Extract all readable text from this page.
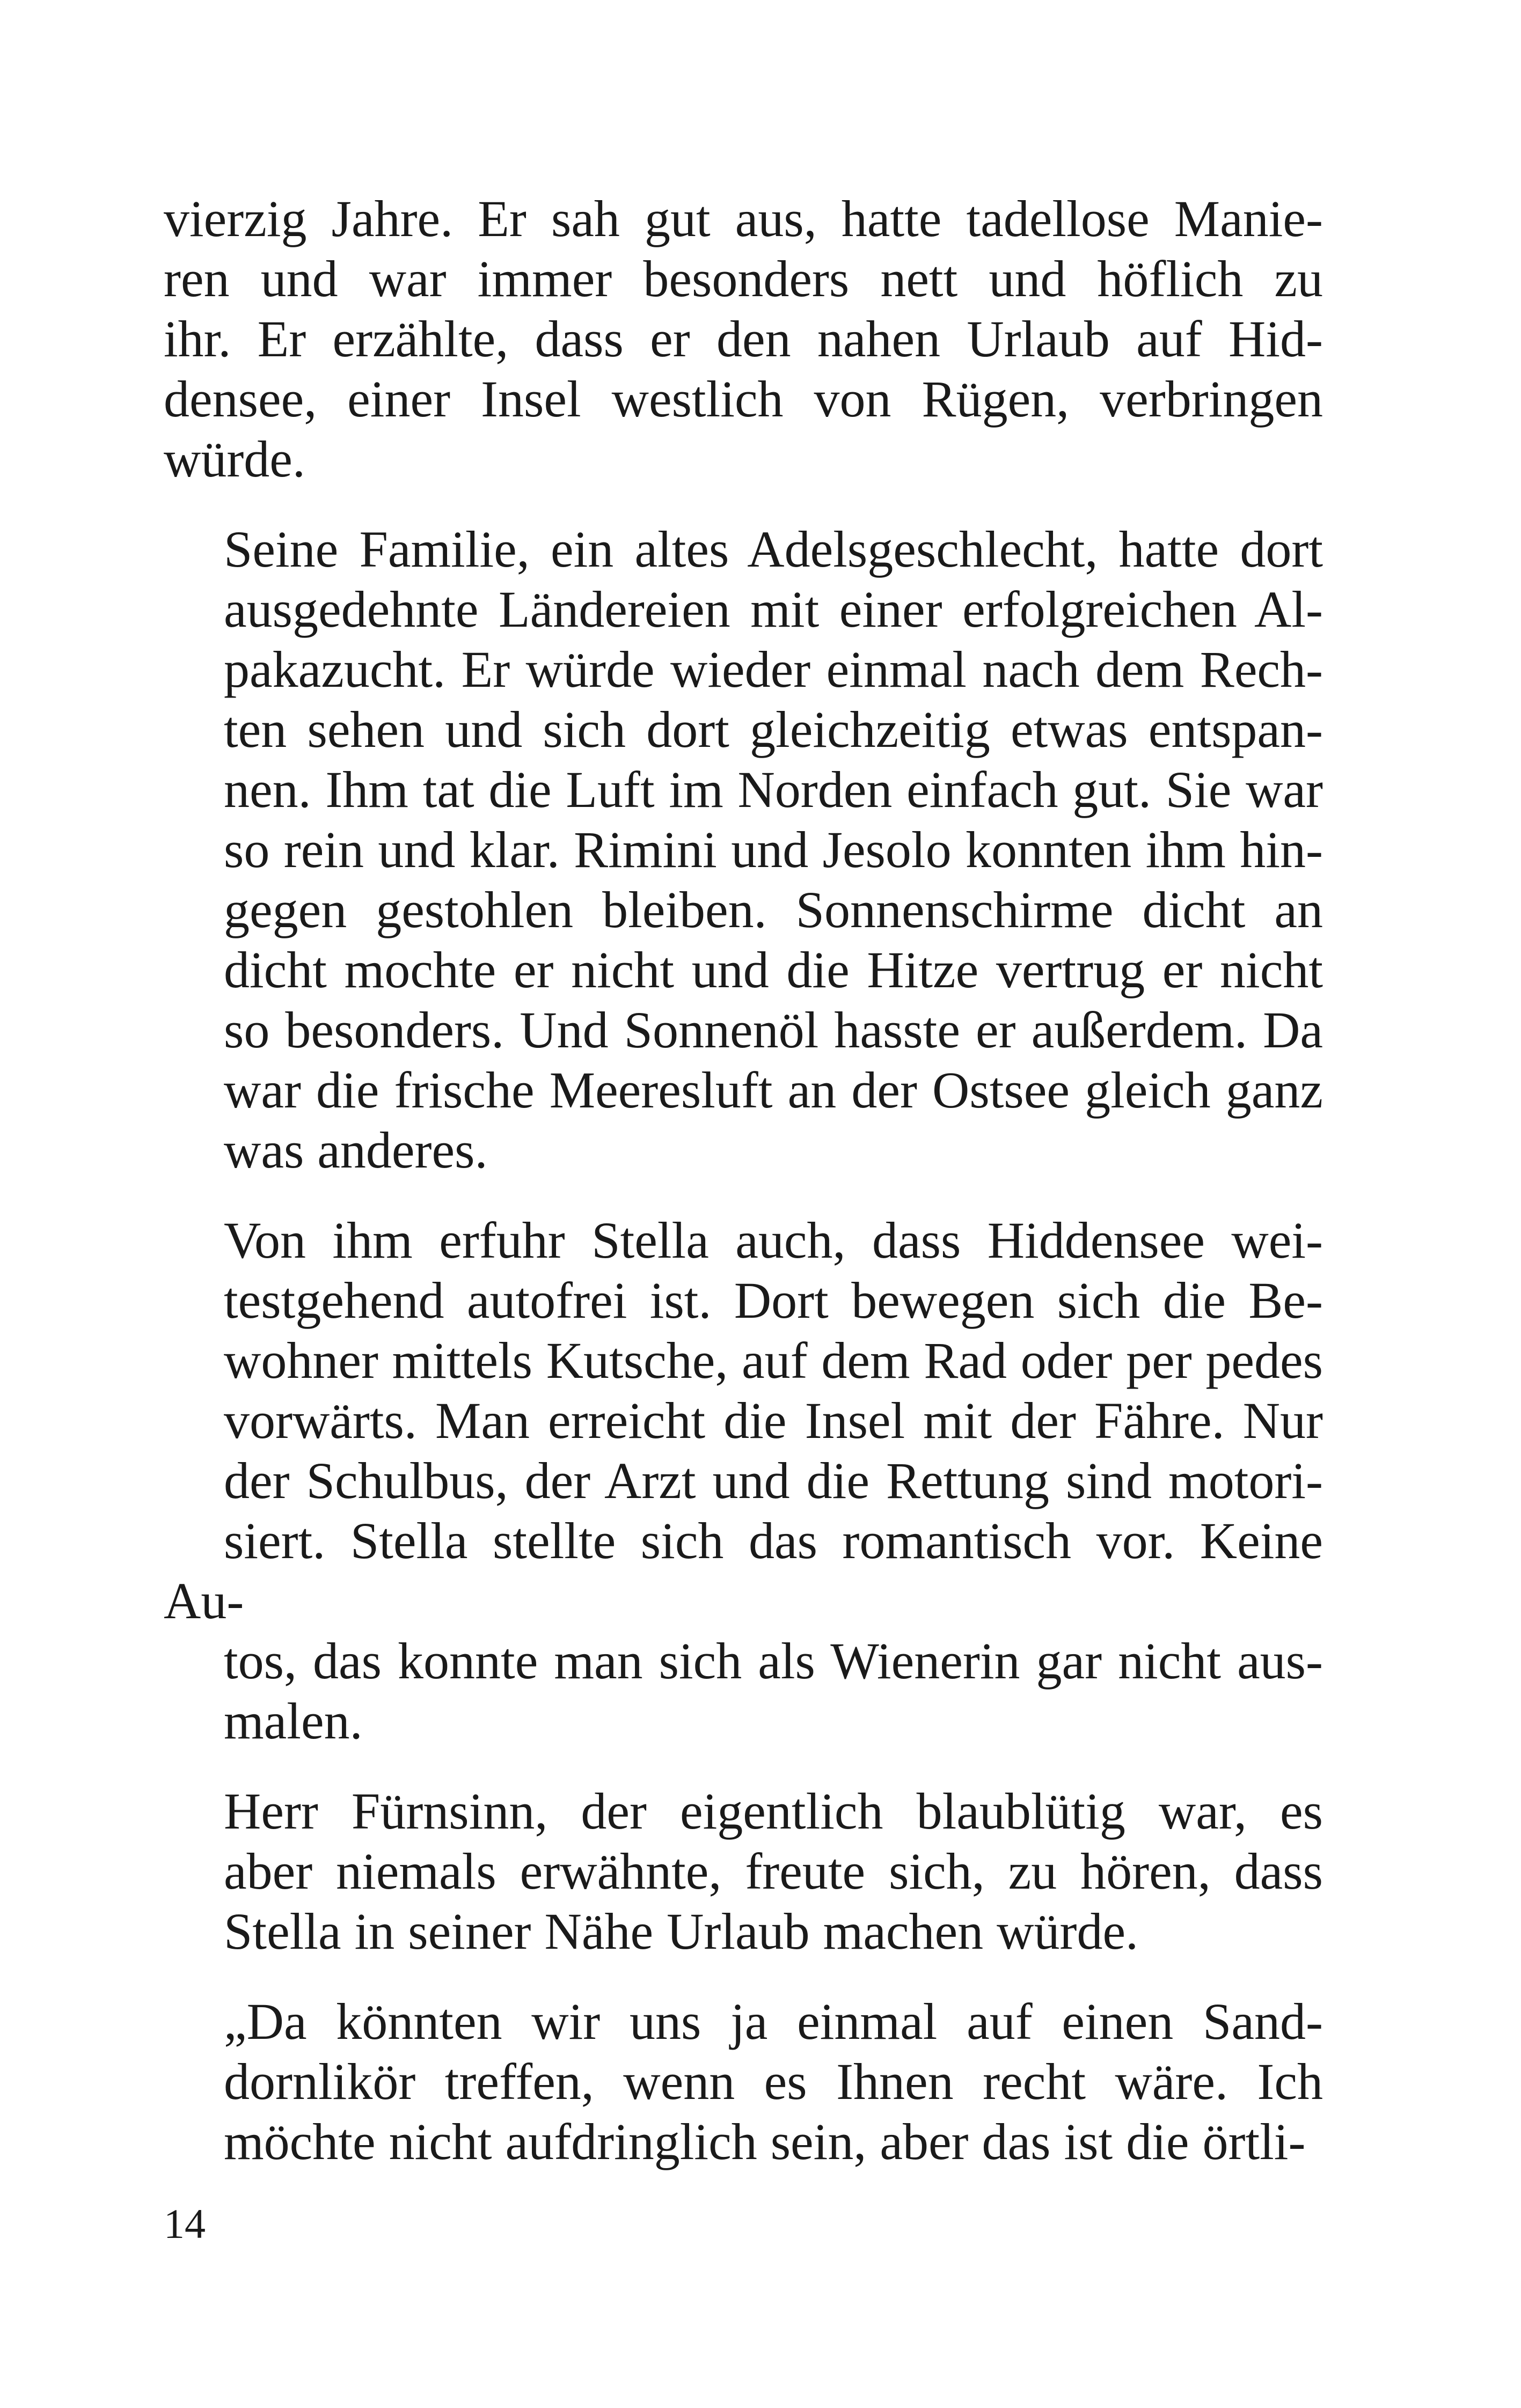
vierzig Jahre. Er sah gut aus, hatte tadellose Manie-
ren und war immer besonders nett und höflich zu
ihr. Er erzählte, dass er den nahen Urlaub auf Hid-
densee, einer Insel westlich von Rügen, verbringen
würde.

Seine Familie, ein altes Adelsgeschlecht, hatte dort
ausgedehnte Ländereien mit einer erfolgreichen Al-
pakazucht. Er würde wieder einmal nach dem Rech-
ten sehen und sich dort gleichzeitig etwas entspan-
nen. Ihm tat die Luft im Norden einfach gut. Sie war
so rein und klar. Rimini und Jesolo konnten ihm hin-
gegen gestohlen bleiben. Sonnenschirme dicht an
dicht mochte er nicht und die Hitze vertrug er nicht
so besonders. Und Sonnenöl hasste er außerdem. Da
war die frische Meeresluft an der Ostsee gleich ganz
was anderes.

Von ihm erfuhr Stella auch, dass Hiddensee wei-
testgehend autofrei ist. Dort bewegen sich die Be-
wohner mittels Kutsche, auf dem Rad oder per pedes
vorwärts. Man erreicht die Insel mit der Fähre. Nur
der Schulbus, der Arzt und die Rettung sind motori-
siert. Stella stellte sich das romantisch vor. Keine Au-
tos, das konnte man sich als Wienerin gar nicht aus-
malen.

Herr Fürnsinn, der eigentlich blaublütig war, es
aber niemals erwähnte, freute sich, zu hören, dass
Stella in seiner Nähe Urlaub machen würde.

„Da könnten wir uns ja einmal auf einen Sand-
dornlikör treffen, wenn es Ihnen recht wäre. Ich
möchte nicht aufdringlich sein, aber das ist die örtli-

14
